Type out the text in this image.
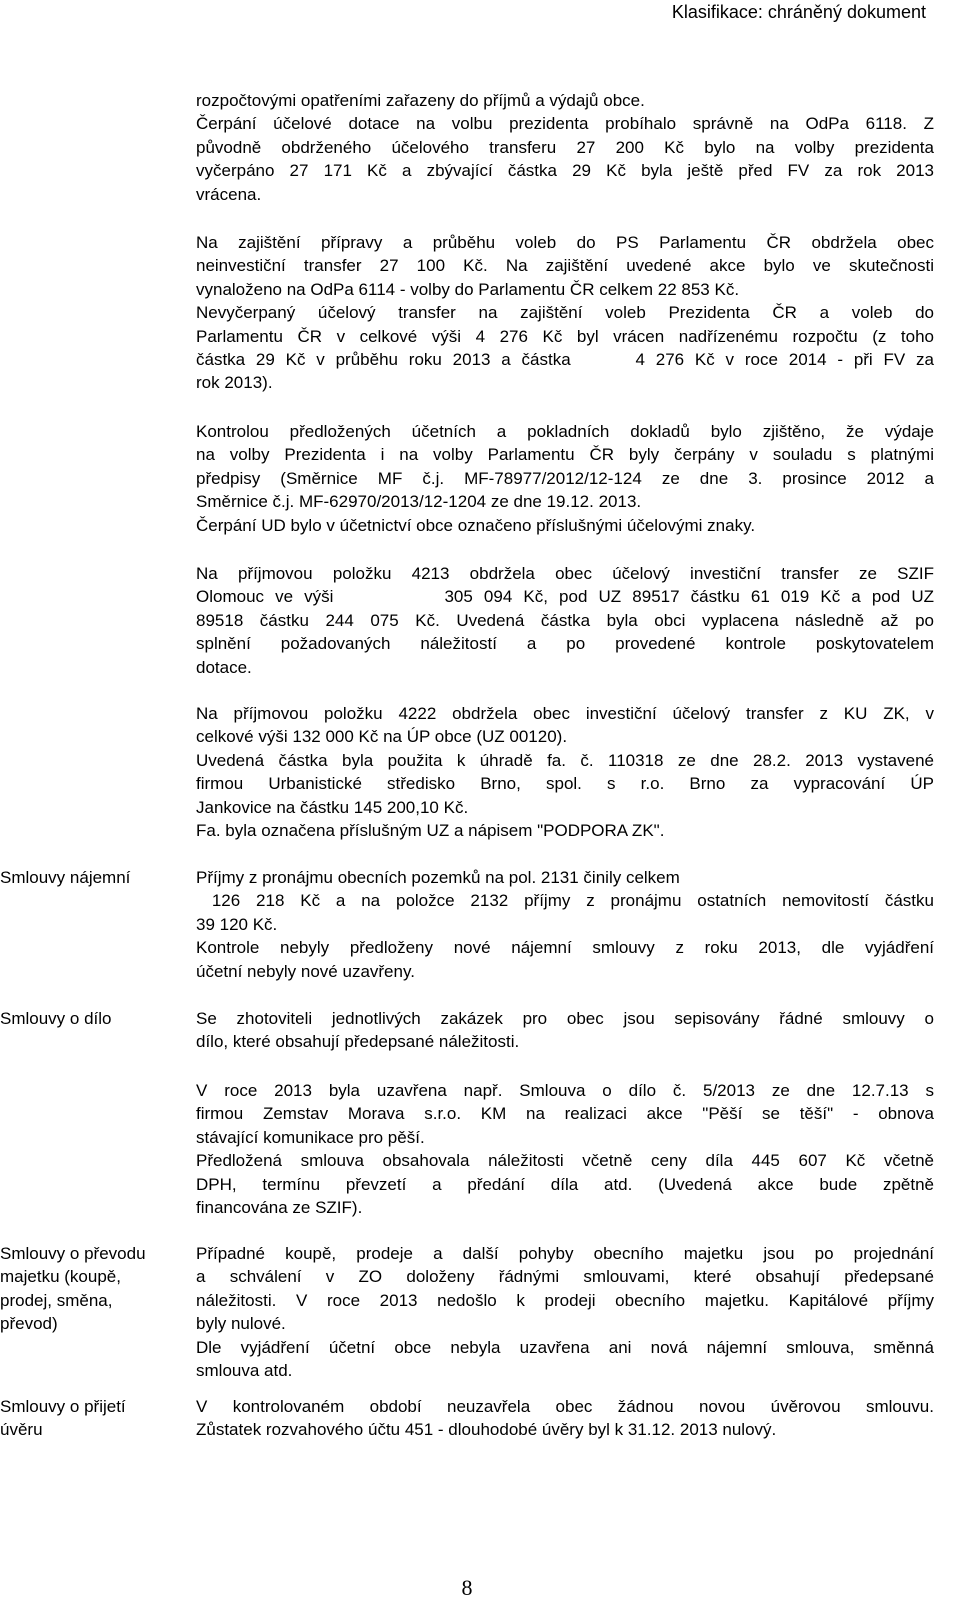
Klasifikace: chráněný dokument
rozpočtovými opatřeními zařazeny do příjmů a výdajů obce.
Čerpání účelové dotace na volbu prezidenta probíhalo správně na OdPa 6118. Z
původně obdrženého účelového transferu 27 200 Kč bylo na volby prezidenta
vyčerpáno 27 171 Kč a zbývající částka 29 Kč byla ještě před FV za rok 2013
vrácena.
Na zajištění přípravy a průběhu voleb do PS Parlamentu ČR obdržela obec
neinvestiční transfer 27 100 Kč. Na zajištění uvedené akce bylo ve skutečnosti
vynaloženo na OdPa 6114 - volby do Parlamentu ČR celkem 22 853 Kč.
Nevyčerpaný účelový transfer na zajištění voleb Prezidenta ČR a voleb do
Parlamentu ČR v celkové výši 4 276 Kč byl vrácen nadřízenému rozpočtu (z toho
částka 29 Kč v průběhu roku 2013 a částka      4 276 Kč v roce 2014 - při FV za
rok 2013).
Kontrolou předložených účetních a pokladních dokladů bylo zjištěno, že výdaje
na volby Prezidenta i na volby Parlamentu ČR byly čerpány v souladu s platnými
předpisy (Směrnice MF č.j. MF-78977/2012/12-124 ze dne 3. prosince 2012 a
Směrnice č.j. MF-62970/2013/12-1204 ze dne 19.12. 2013.
Čerpání UD bylo v účetnictví obce označeno příslušnými účelovými znaky.
Na příjmovou položku 4213 obdržela obec účelový investiční transfer ze SZIF
Olomouc ve výši          305 094 Kč, pod UZ 89517 částku 61 019 Kč a pod UZ
89518 částku 244 075 Kč. Uvedená částka byla obci vyplacena následně až po
splnění požadovaných náležitostí a po provedené kontrole poskytovatelem
dotace.
Na příjmovou položku 4222 obdržela obec investiční účelový transfer z KU ZK, v
celkové výši 132 000 Kč na ÚP obce (UZ 00120).
Uvedená částka byla použita k úhradě fa. č. 110318 ze dne 28.2. 2013 vystavené
firmou Urbanistické středisko Brno, spol. s r.o. Brno za vypracování ÚP
Jankovice na částku 145 200,10 Kč.
Fa. byla označena příslušným UZ a nápisem "PODPORA ZK".
Smlouvy nájemní	Příjmy z pronájmu obecních pozemků na pol. 2131 činily celkem
126 218 Kč a na položce 2132 příjmy z pronájmu ostatních nemovitostí částku
39 120 Kč.
Kontrole nebyly předloženy nové nájemní smlouvy z roku 2013, dle vyjádření
účetní nebyly nové uzavřeny.
Smlouvy o dílo	Se zhotoviteli jednotlivých zakázek pro obec jsou sepisovány řádné smlouvy o
dílo, které obsahují předepsané náležitosti.
V roce 2013 byla uzavřena např. Smlouva o dílo č. 5/2013 ze dne 12.7.13 s
firmou Zemstav Morava s.r.o. KM na realizaci akce "Pěší se těší" - obnova
stávající komunikace pro pěší.
Předložená smlouva obsahovala náležitosti včetně ceny díla 445 607 Kč včetně
DPH, termínu převzetí a předání díla atd. (Uvedená akce bude zpětně
financována ze SZIF).
Smlouvy o převodu
majetku (koupě,
prodej, směna,
převod)
Případné koupě, prodeje a další pohyby obecního majetku jsou po projednání
a schválení v ZO doloženy řádnými smlouvami, které obsahují předepsané
náležitosti. V roce 2013 nedošlo k prodeji obecního majetku. Kapitálové příjmy
byly nulové.
Dle vyjádření účetní obce nebyla uzavřena ani nová nájemní smlouva, směnná
smlouva atd.
Smlouvy o přijetí
úvěru
V kontrolovaném období neuzavřela obec žádnou novou úvěrovou smlouvu.
Zůstatek rozvahového účtu 451 - dlouhodobé úvěry byl k 31.12. 2013 nulový.
8
